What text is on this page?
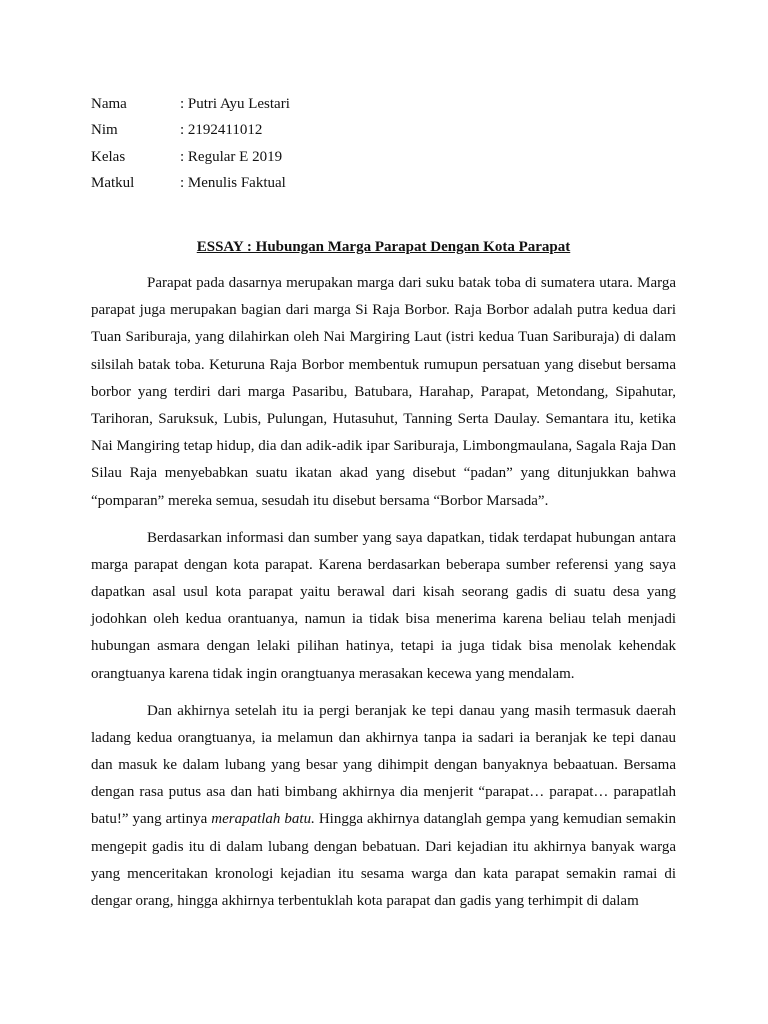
Nama	: Putri Ayu Lestari
Nim	: 2192411012
Kelas	: Regular E 2019
Matkul	: Menulis Faktual
ESSAY : Hubungan Marga Parapat Dengan Kota Parapat

Parapat pada dasarnya merupakan marga dari suku batak toba di sumatera utara. Marga parapat juga merupakan bagian dari marga Si Raja Borbor. Raja Borbor adalah putra kedua dari Tuan Sariburaja, yang dilahirkan oleh Nai Margiring Laut (istri kedua Tuan Sariburaja) di dalam silsilah batak toba. Keturuna Raja Borbor membentuk rumupun persatuan yang disebut bersama borbor yang terdiri dari marga Pasaribu, Batubara, Harahap, Parapat, Metondang, Sipahutar, Tarihoran, Saruksuk, Lubis, Pulungan, Hutasuhut, Tanning Serta Daulay. Semantara itu, ketika Nai Mangiring tetap hidup, dia dan adik-adik ipar Sariburaja, Limbongmaulana, Sagala Raja Dan Silau Raja menyebabkan suatu ikatan akad yang disebut “padan” yang ditunjukkan bahwa “pomparan” mereka semua, sesudah itu disebut bersama “Borbor Marsada”.

Berdasarkan informasi dan sumber yang saya dapatkan, tidak terdapat hubungan antara marga parapat dengan kota parapat. Karena berdasarkan beberapa sumber referensi yang saya dapatkan asal usul kota parapat yaitu berawal dari kisah seorang gadis di suatu desa yang jodohkan oleh kedua orantuanya, namun ia tidak bisa menerima karena beliau telah menjadi hubungan asmara dengan lelaki pilihan hatinya, tetapi ia juga tidak bisa menolak kehendak orangtuanya karena tidak ingin orangtuanya merasakan kecewa yang mendalam.

Dan akhirnya setelah itu ia pergi beranjak ke tepi danau yang masih termasuk daerah ladang kedua orangtuanya, ia melamun dan akhirnya tanpa ia sadari ia beranjak ke tepi danau dan masuk ke dalam lubang yang besar yang dihimpit dengan banyaknya bebaatuan. Bersama dengan rasa putus asa dan hati bimbang akhirnya dia menjerit “parapat… parapat… parapatlah batu!” yang artinya merapatlah batu. Hingga akhirnya datanglah gempa yang kemudian semakin mengepit gadis itu di dalam lubang dengan bebatuan. Dari kejadian itu akhirnya banyak warga yang menceritakan kronologi kejadian itu sesama warga dan kata parapat semakin ramai di dengar orang, hingga akhirnya terbentuklah kota parapat dan gadis yang terhimpit di dalam
